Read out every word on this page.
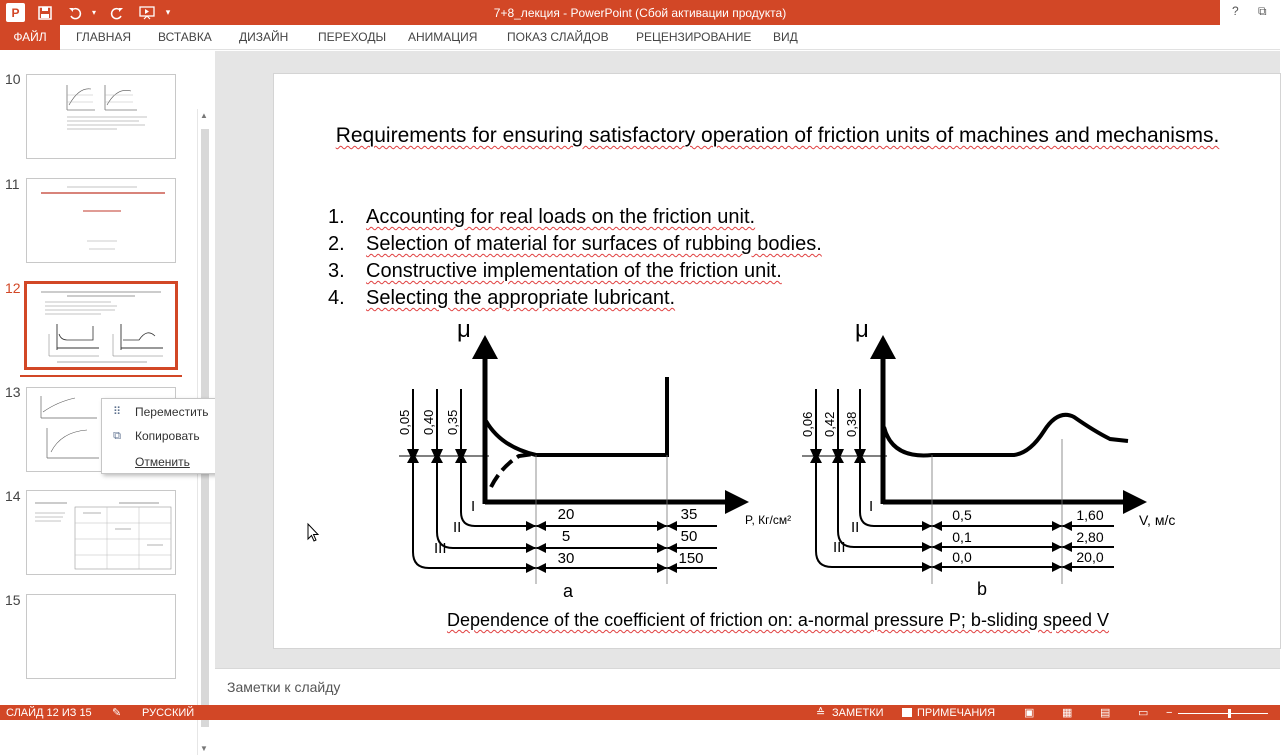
P	▾	▾	7+8_лекция - PowerPoint (Сбой активации продукта)	? ⧉
ФАЙЛ	ГЛАВНАЯ ВСТАВКА ДИЗАЙН ПЕРЕХОДЫ АНИМАЦИЯ ПОКАЗ СЛАЙДОВ РЕЦЕНЗИРОВАНИЕ ВИД
10
11
12
13
14
15
▲
▼
⠿ Переместить
⧉ Копировать
Отменить
Requirements for ensuring satisfactory operation of friction units of machines and mechanisms.
1. Accounting for real loads on the friction unit.
2. Selection of material for surfaces of rubbing bodies.
3. Constructive implementation of the friction unit.
4. Selecting the appropriate lubricant.
μ
P, Кг/см²
0,05 0,40 0,35
I
II
III
20	35
5	50
30	150
a
μ
V, м/с
0,06 0,42 0,38
I
II
III
0,5	1,60
0,1	2,80
0,0	20,0
b
Dependence of the coefficient of friction on: a-normal pressure P; b-sliding speed V
Заметки к слайду
СЛАЙД 12 ИЗ 15 ✎ РУССКИЙ	≙ ЗАМЕТКИ	ПРИМЕЧАНИЯ	▣	▦	▤	▭ −
